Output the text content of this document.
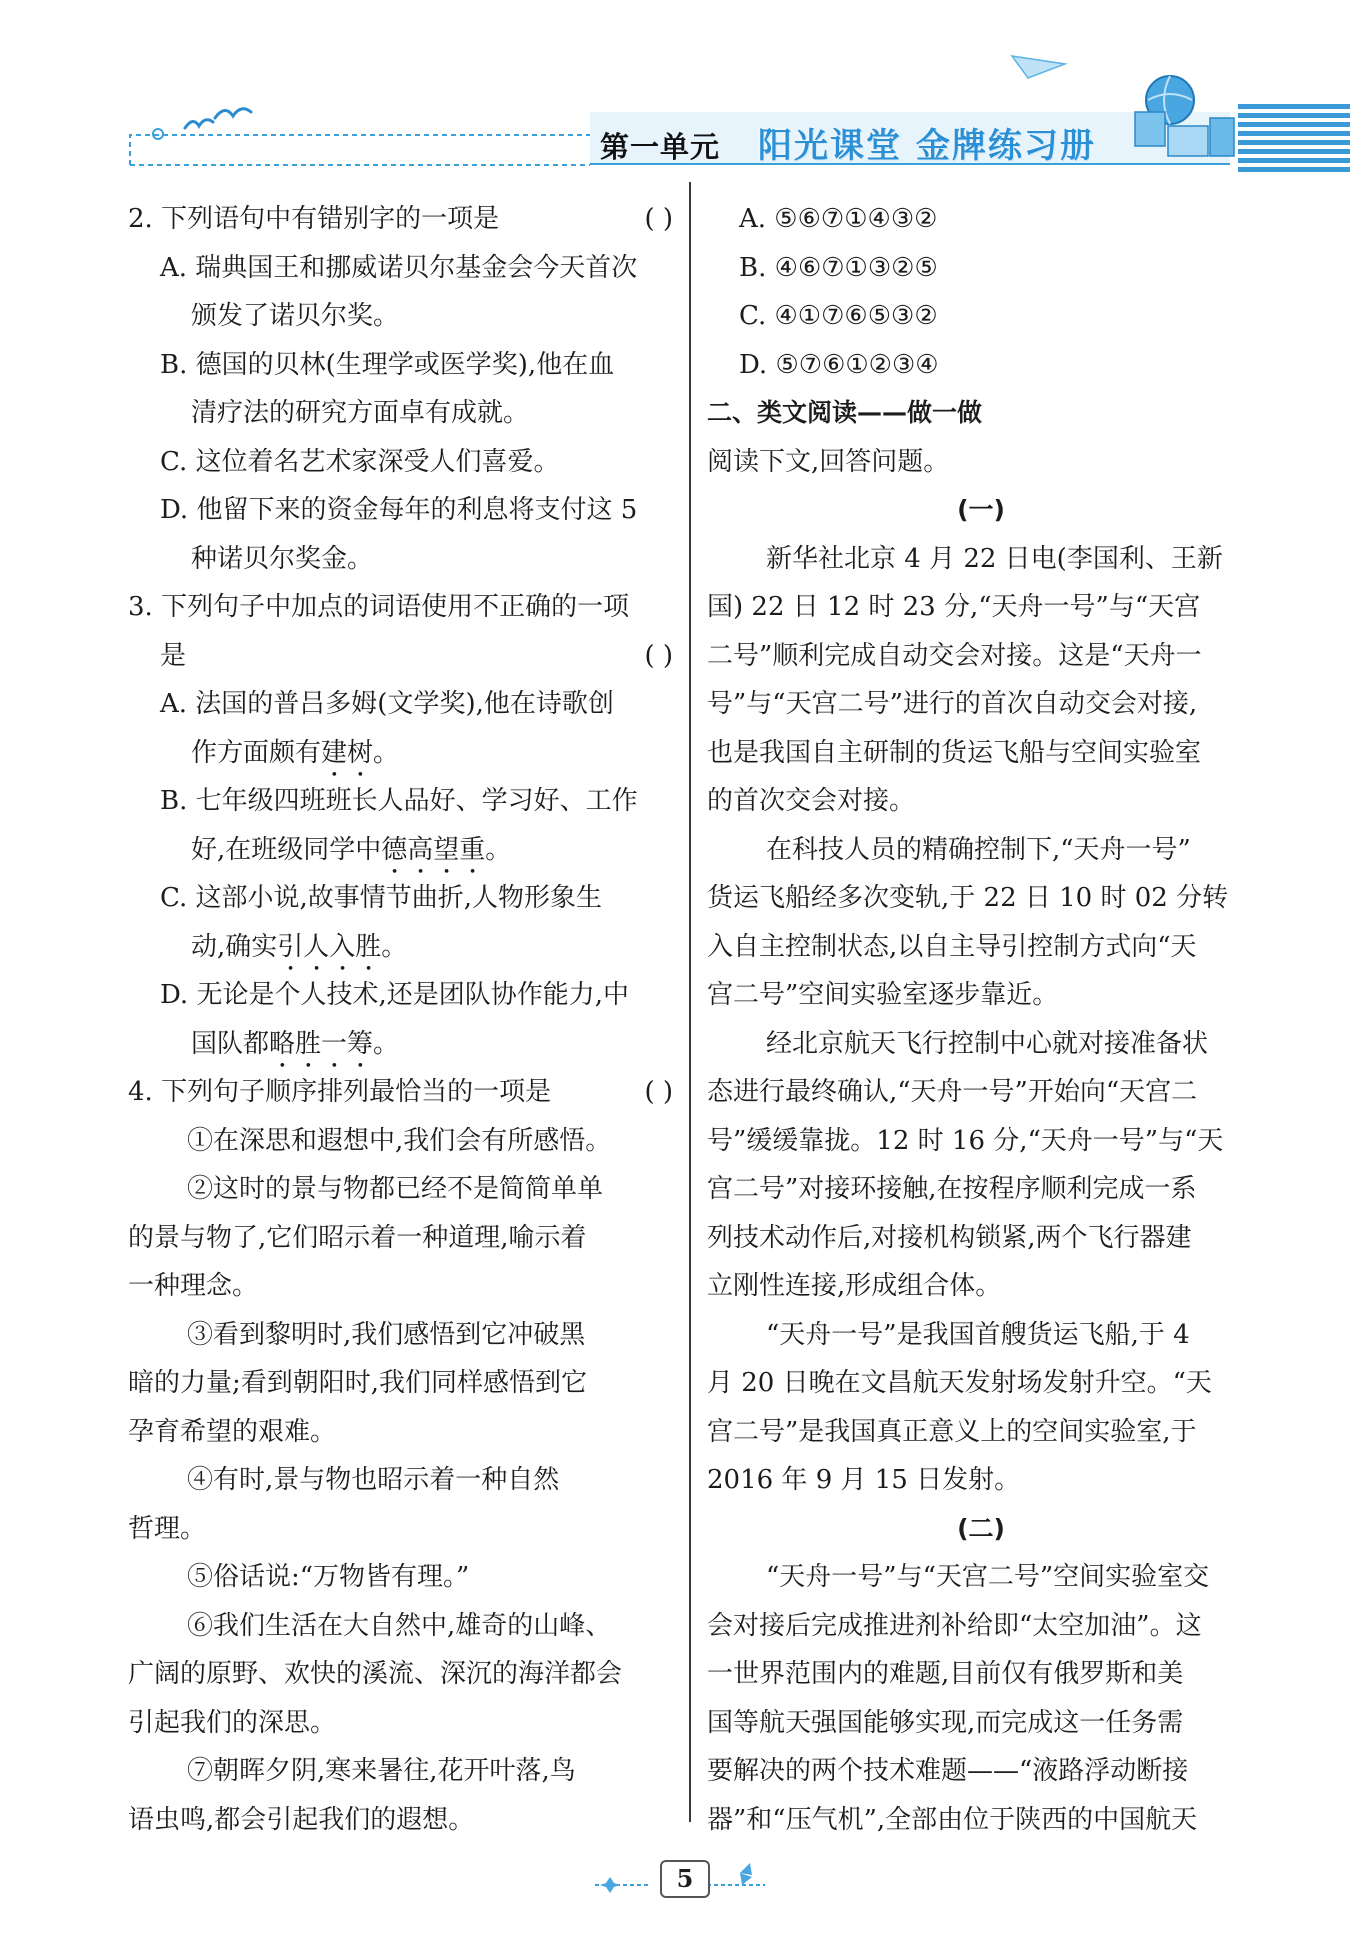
第一单元 阳光课堂 金牌练习册
2. 下列语句中有错别字的一项是	( )
A. 瑞典国王和挪威诺贝尔基金会今天首次
颁发了诺贝尔奖。
B. 德国的贝林(生理学或医学奖),他在血
清疗法的研究方面卓有成就。
C. 这位着名艺术家深受人们喜爱。
D. 他留下来的资金每年的利息将支付这 5
种诺贝尔奖金。
3. 下列句子中加点的词语使用不正确的一项
是	( )
A. 法国的普吕多姆(文学奖),他在诗歌创
作方面颇有建树。
B. 七年级四班班长人品好、学习好、工作
好,在班级同学中德高望重。
C. 这部小说,故事情节曲折,人物形象生
动,确实引人入胜。
D. 无论是个人技术,还是团队协作能力,中
国队都略胜一筹。
4. 下列句子顺序排列最恰当的一项是	( )
①在深思和遐想中,我们会有所感悟。
②这时的景与物都已经不是简简单单
的景与物了,它们昭示着一种道理,喻示着
一种理念。
③看到黎明时,我们感悟到它冲破黑
暗的力量;看到朝阳时,我们同样感悟到它
孕育希望的艰难。
④有时,景与物也昭示着一种自然
哲理。
⑤俗话说:“万物皆有理。”
⑥我们生活在大自然中,雄奇的山峰、
广阔的原野、欢快的溪流、深沉的海洋都会
引起我们的深思。
⑦朝晖夕阴,寒来暑往,花开叶落,鸟
语虫鸣,都会引起我们的遐想。
A. ⑤⑥⑦①④③②
B. ④⑥⑦①③②⑤
C. ④①⑦⑥⑤③②
D. ⑤⑦⑥①②③④
二、类文阅读——做一做
阅读下文,回答问题。
(一)
新华社北京 4 月 22 日电(李国利、王新
国) 22 日 12 时 23 分,“天舟一号”与“天宫
二号”顺利完成自动交会对接。这是“天舟一
号”与“天宫二号”进行的首次自动交会对接,
也是我国自主研制的货运飞船与空间实验室
的首次交会对接。
在科技人员的精确控制下,“天舟一号”
货运飞船经多次变轨,于 22 日 10 时 02 分转
入自主控制状态,以自主导引控制方式向“天
宫二号”空间实验室逐步靠近。
经北京航天飞行控制中心就对接准备状
态进行最终确认,“天舟一号”开始向“天宫二
号”缓缓靠拢。12 时 16 分,“天舟一号”与“天
宫二号”对接环接触,在按程序顺利完成一系
列技术动作后,对接机构锁紧,两个飞行器建
立刚性连接,形成组合体。
“天舟一号”是我国首艘货运飞船,于 4
月 20 日晚在文昌航天发射场发射升空。“天
宫二号”是我国真正意义上的空间实验室,于
2016 年 9 月 15 日发射。
(二)
“天舟一号”与“天宫二号”空间实验室交
会对接后完成推进剂补给即“太空加油”。这
一世界范围内的难题,目前仅有俄罗斯和美
国等航天强国能够实现,而完成这一任务需
要解决的两个技术难题——“液路浮动断接
器”和“压气机”,全部由位于陕西的中国航天
5
